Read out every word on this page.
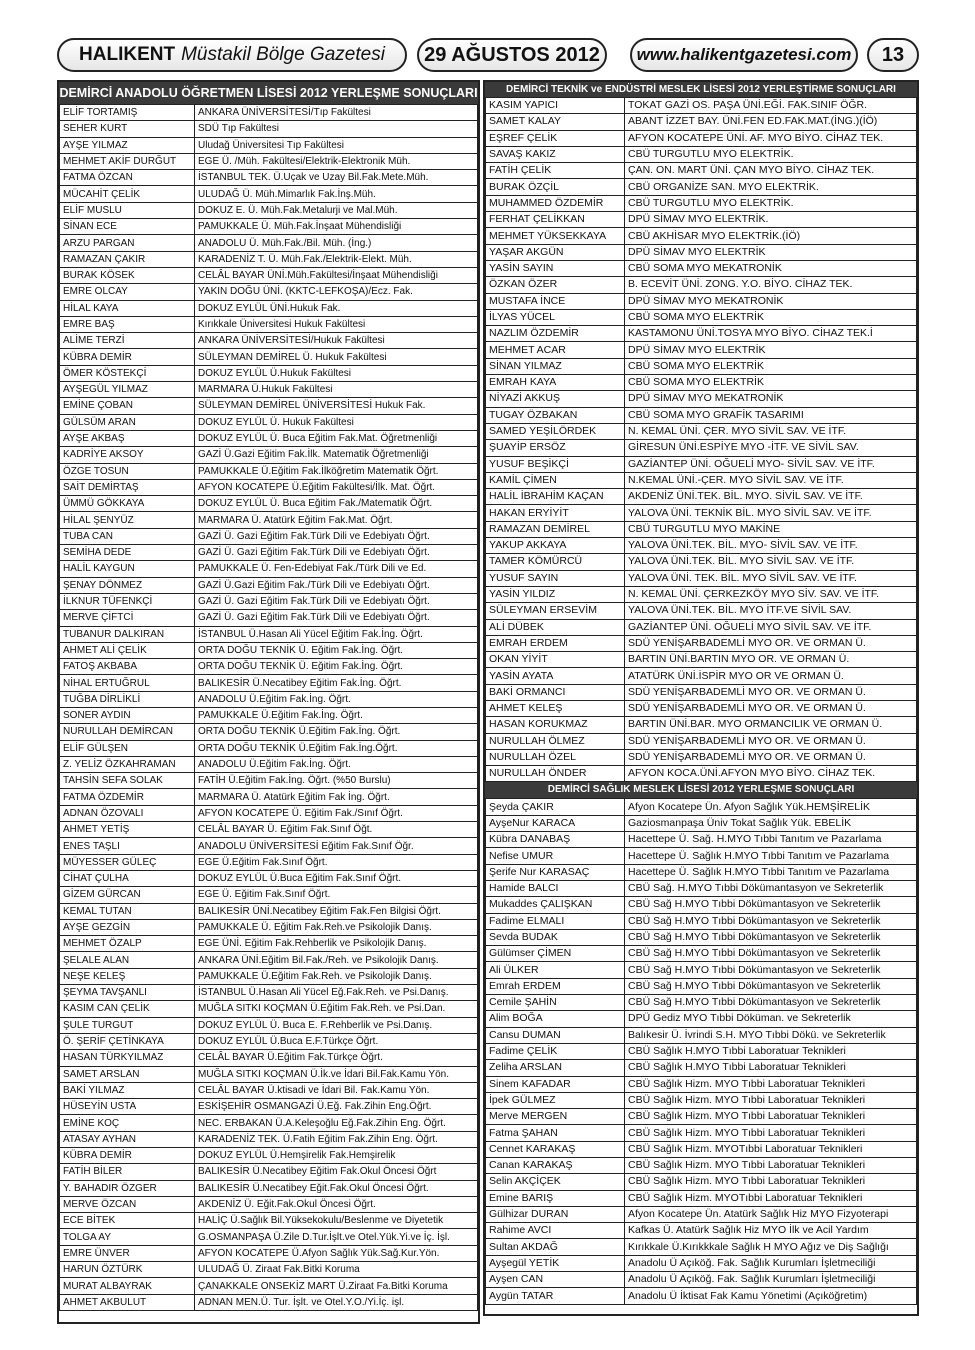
HALIKENT Müstakil Bölge Gazetesi	29 AĞUSTOS 2012	www.halikentgazetesi.com	13
DEMİRCİ ANADOLU ÖĞRETMEN LİSESİ 2012 YERLEŞME SONUÇLARI
ELİF TORTAMIŞ	ANKARA ÜNİVERSİTESİ/Tıp Fakültesi
SEHER KURT	SDÜ Tıp Fakültesi
AYŞE YILMAZ	Uludağ Üniversitesi Tıp Fakültesi
MEHMET AKİF DURĞUT	EGE Ü. /Müh. Fakültesi/Elektrik-Elektronik Müh.
FATMA ÖZCAN	İSTANBUL TEK. Ü.Uçak ve Uzay Bil.Fak.Mete.Müh.
MÜCAHİT ÇELİK	ULUDAĞ Ü. Müh.Mimarlık Fak.İnş.Müh.
ELİF MUSLU	DOKUZ E. Ü. Müh.Fak.Metalurji ve Mal.Müh.
SİNAN ECE	PAMUKKALE Ü. Müh.Fak.İnşaat Mühendisliği
ARZU PARGAN	ANADOLU Ü. Müh.Fak./Bil. Müh. (İng.)
RAMAZAN ÇAKIR	KARADENİZ T. Ü. Müh.Fak./Elektrik-Elekt. Müh.
BURAK KÖSEK	CELÂL BAYAR ÜNİ.Müh.Fakültesi/İnşaat Mühendisliği
EMRE OLCAY	YAKIN DOĞU ÜNİ. (KKTC-LEFKOŞA)/Ecz. Fak.
HİLAL KAYA	DOKUZ EYLÜL ÜNİ.Hukuk Fak.
EMRE BAŞ	Kırıkkale Üniversitesi Hukuk Fakültesi
ALİME TERZİ	ANKARA ÜNİVERSİTESİ/Hukuk Fakültesi
KÜBRA DEMİR	SÜLEYMAN DEMİREL Ü. Hukuk Fakültesi
ÖMER KÖSTEKÇİ	DOKUZ EYLÜL Ü.Hukuk Fakültesi
AYŞEGÜL YILMAZ	MARMARA Ü.Hukuk Fakültesi
EMİNE ÇOBAN	SÜLEYMAN DEMİREL ÜNİVERSİTESİ Hukuk Fak.
GÜLSÜM ARAN	DOKUZ EYLÜL Ü. Hukuk Fakültesi
AYŞE AKBAŞ	DOKUZ EYLÜL Ü. Buca Eğitim Fak.Mat. Öğretmenliği
KADRİYE AKSOY	GAZİ Ü.Gazi Eğitim Fak.İlk. Matematik Öğretmenliği
ÖZGE TOSUN	PAMUKKALE Ü.Eğitim Fak.İlköğretim Matematik Öğrt.
SAİT DEMİRTAŞ	AFYON KOCATEPE Ü.Eğitim Fakültesi/İlk. Mat. Öğrt.
ÜMMÜ GÖKKAYA	DOKUZ EYLÜL Ü. Buca Eğitim Fak./Matematik Öğrt.
HİLAL ŞENYÜZ	MARMARA Ü. Atatürk Eğitim Fak.Mat. Öğrt.
TUBA CAN	GAZİ Ü. Gazi Eğitim Fak.Türk Dili ve Edebiyatı Öğrt.
SEMİHA DEDE	GAZİ Ü. Gazi Eğitim Fak.Türk Dili ve Edebiyatı Öğrt.
HALİL KAYGUN	PAMUKKALE Ü. Fen-Edebiyat Fak./Türk Dili ve Ed.
ŞENAY DÖNMEZ	GAZİ Ü.Gazi Eğitim Fak./Türk Dili ve Edebiyatı Öğrt.
İLKNUR TÜFENKÇİ	GAZİ Ü. Gazi Eğitim Fak.Türk Dili ve Edebiyatı Öğrt.
MERVE ÇİFTCİ	GAZİ Ü. Gazi Eğitim Fak.Türk Dili ve Edebiyatı Öğrt.
TUBANUR DALKIRAN	İSTANBUL Ü.Hasan Ali Yücel Eğitim Fak.İng. Öğrt.
AHMET ALİ ÇELİK	ORTA DOĞU TEKNİK Ü. Eğitim Fak.İng. Öğrt.
FATOŞ AKBABA	ORTA DOĞU TEKNİK Ü. Eğitim Fak.İng. Öğrt.
NİHAL ERTUĞRUL	BALIKESİR Ü.Necatibey Eğitim Fak.İng. Öğrt.
TUĞBA DİRLİKLİ	ANADOLU Ü.Eğitim Fak.İng. Öğrt.
SONER AYDIN	PAMUKKALE Ü.Eğitim Fak.İng. Öğrt.
NURULLAH DEMİRCAN	ORTA DOĞU TEKNİK Ü.Eğitim Fak.İng. Öğrt.
ELİF GÜLŞEN	ORTA DOĞU TEKNİK Ü.Eğitim Fak.İng.Öğrt.
Z. YELİZ ÖZKAHRAMAN	ANADOLU Ü.Eğitim Fak.İng. Öğrt.
TAHSİN SEFA SOLAK	FATİH Ü.Eğitim Fak.İng. Öğrt. (%50 Burslu)
FATMA ÖZDEMİR	MARMARA Ü. Atatürk Eğitim Fak İng. Öğrt.
ADNAN ÖZOVALI	AFYON KOCATEPE Ü. Eğitim Fak./Sınıf Öğrt.
AHMET YETİŞ	CELÂL BAYAR Ü. Eğitim Fak.Sınıf Öğt.
ENES TAŞLI	ANADOLU ÜNİVERSİTESİ Eğitim Fak.Sınıf Öğr.
MÜYESSER GÜLEÇ	EGE Ü.Eğitim Fak.Sınıf Öğrt.
CİHAT ÇULHA	DOKUZ EYLÜL Ü.Buca Eğitim Fak.Sınıf Öğrt.
GİZEM GÜRCAN	EGE Ü. Eğitim Fak.Sınıf Öğrt.
KEMAL TUTAN	BALIKESİR ÜNİ.Necatibey Eğitim Fak.Fen Bilgisi Öğrt.
AYŞE GEZGİN	PAMUKKALE Ü. Eğitim Fak.Reh.ve Psikolojik Danış.
MEHMET ÖZALP	EGE ÜNİ. Eğitim Fak.Rehberlik ve Psikolojik Danış.
ŞELALE ALAN	ANKARA ÜNİ.Eğitim Bil.Fak./Reh. ve Psikolojik Danış.
NEŞE KELEŞ	PAMUKKALE Ü.Eğitim Fak.Reh. ve Psikolojik Danış.
ŞEYMA TAVŞANLI	İSTANBUL Ü.Hasan Ali Yücel Eğ.Fak.Reh. ve Psi.Danış.
KASIM CAN ÇELİK	MUĞLA SITKI KOÇMAN Ü.Eğitim Fak.Reh. ve Psi.Dan.
ŞULE TURGUT	DOKUZ EYLÜL Ü. Buca E. F.Rehberlik ve Psi.Danış.
Ö. ŞERİF ÇETİNKAYA	DOKUZ EYLÜL Ü.Buca E.F.Türkçe Öğrt.
HASAN TÜRKYILMAZ	CELÂL BAYAR Ü.Eğitim Fak.Türkçe Öğrt.
SAMET ARSLAN	MUĞLA SITKI KOÇMAN Ü.İk.ve İdari Bil.Fak.Kamu Yön.
BAKİ YILMAZ	CELÂL BAYAR Ü.ktisadi ve İdari Bil. Fak.Kamu Yön.
HÜSEYİN USTA	ESKİŞEHİR OSMANGAZİ Ü.Eğ. Fak.Zihin Eng.Öğrt.
EMİNE KOÇ	NEC. ERBAKAN Ü.A.Keleşoğlu Eğ.Fak.Zihin Eng. Öğrt.
ATASAY AYHAN	KARADENİZ TEK. Ü.Fatih Eğitim Fak.Zihin Eng. Öğrt.
KÜBRA DEMİR	DOKUZ EYLÜL Ü.Hemşirelik Fak.Hemşirelik
FATİH BİLER	BALIKESİR Ü.Necatibey Eğitim Fak.Okul Öncesi Öğrt
Y. BAHADIR ÖZGER	BALIKESİR Ü.Necatibey Eğit.Fak.Okul Öncesi Öğrt.
MERVE ÖZCAN	AKDENİZ Ü. Eğit.Fak.Okul Öncesi Öğrt.
ECE BİTEK	HALİÇ Ü.Sağlık Bil.Yüksekokulu/Beslenme ve Diyetetik
TOLGA AY	G.OSMANPAŞA Ü.Zile D.Tur.İşlt.ve Otel.Yük.Yi.ve İç. İşl.
EMRE ÜNVER	AFYON KOCATEPE Ü.Afyon Sağlık Yük.Sağ.Kur.Yön.
HARUN ÖZTÜRK	ULUDAĞ Ü. Ziraat Fak.Bitki Koruma
MURAT ALBAYRAK	ÇANAKKALE ONSEKİZ MART Ü.Ziraat Fa.Bitki Koruma
AHMET AKBULUT	ADNAN MEN.Ü. Tur. İşlt. ve Otel.Y.O./Yi.İç. işl.
DEMİRCİ TEKNİK ve ENDÜSTRİ MESLEK LİSESİ 2012 YERLEŞTİRME SONUÇLARI
KASIM YAPICI	TOKAT GAZİ OS. PAŞA ÜNİ.EĞİ. FAK.SINIF ÖĞR.
SAMET KALAY	ABANT İZZET BAY. ÜNİ.FEN ED.FAK.MAT.(İNG.)(İÖ)
EŞREF ÇELİK	AFYON KOCATEPE ÜNİ. AF. MYO BİYO. CİHAZ TEK.
SAVAŞ KAKIZ	CBÜ TURGUTLU MYO ELEKTRİK.
FATİH ÇELİK	ÇAN. ON. MART ÜNİ. ÇAN MYO BİYO. CİHAZ TEK.
BURAK ÖZÇİL	CBÜ ORGANİZE SAN. MYO ELEKTRİK.
MUHAMMED ÖZDEMİR	CBÜ TURGUTLU MYO ELEKTRİK.
FERHAT ÇELİKKAN	DPÜ SİMAV MYO ELEKTRİK.
MEHMET YÜKSEKKAYA	CBÜ AKHİSAR MYO ELEKTRİK.(İÖ)
YAŞAR AKGÜN	DPÜ SİMAV MYO ELEKTRİK
YASİN SAYIN	CBÜ SOMA MYO MEKATRONİK
ÖZKAN ÖZER	B. ECEVİT ÜNİ. ZONG. Y.O. BİYO. CİHAZ TEK.
MUSTAFA İNCE	DPÜ SİMAV MYO MEKATRONİK
İLYAS YÜCEL	CBÜ SOMA MYO ELEKTRİK
NAZLIM ÖZDEMİR	KASTAMONU ÜNİ.TOSYA MYO BİYO. CİHAZ TEK.İ
MEHMET ACAR	DPÜ SİMAV MYO ELEKTRİK
SİNAN YILMAZ	CBÜ SOMA MYO ELEKTRİK
EMRAH KAYA	CBÜ SOMA MYO ELEKTRİK
NİYAZİ AKKUŞ	DPÜ SİMAV MYO MEKATRONİK
TUGAY ÖZBAKAN	CBÜ SOMA MYO GRAFİK TASARIMI
SAMED YEŞİLÖRDEK	N. KEMAL ÜNİ. ÇER. MYO SİVİL SAV. VE İTF.
ŞUAYİP ERSÖZ	GİRESUN ÜNİ.ESPİYE MYO -İTF. VE SİVİL SAV.
YUSUF BEŞİKÇİ	GAZİANTEP ÜNİ. OĞUELİ MYO- SİVİL SAV. VE İTF.
KAMİL ÇİMEN	N.KEMAL ÜNİ.-ÇER. MYO SİVİL SAV. VE İTF.
HALİL İBRAHİM KAÇAN	AKDENİZ ÜNİ.TEK. BİL. MYO. SİVİL SAV. VE İTF.
HAKAN ERYİYİT	YALOVA ÜNİ. TEKNİK BİL. MYO SİVİL SAV. VE İTF.
RAMAZAN DEMİREL	CBÜ TURGUTLU MYO MAKİNE
YAKUP AKKAYA	YALOVA ÜNİ.TEK. BİL. MYO- SİVİL SAV. VE İTF.
TAMER KÖMÜRCÜ	YALOVA ÜNİ.TEK. BİL. MYO SİVİL SAV. VE İTF.
YUSUF SAYIN	YALOVA ÜNİ. TEK. BİL. MYO SİVİL SAV. VE İTF.
YASİN YILDIZ	N. KEMAL ÜNİ. ÇERKEZKÖY MYO SİV. SAV. VE İTF.
SÜLEYMAN ERSEVİM	YALOVA ÜNİ.TEK. BİL. MYO İTF.VE SİVİL SAV.
ALİ DÜBEK	GAZİANTEP ÜNİ. OĞUELİ MYO SİVİL SAV. VE İTF.
EMRAH ERDEM	SDÜ YENİŞARBADEMLİ MYO OR. VE ORMAN Ü.
OKAN YİYİT	BARTIN ÜNİ.BARTIN MYO OR. VE ORMAN Ü.
YASİN AYATA	ATATÜRK ÜNİ.İSPİR MYO OR VE ORMAN Ü.
BAKİ ORMANCI	SDÜ YENİŞARBADEMLİ MYO OR. VE ORMAN Ü.
AHMET KELEŞ	SDÜ YENİŞARBADEMLİ MYO OR. VE ORMAN Ü.
HASAN KORUKMAZ	BARTIN ÜNİ.BAR. MYO ORMANCILIK VE ORMAN Ü.
NURULLAH ÖLMEZ	SDÜ YENİŞARBADEMLİ MYO OR. VE ORMAN Ü.
NURULLAH ÖZEL	SDÜ YENİŞARBADEMLİ MYO OR. VE ORMAN Ü.
NURULLAH ÖNDER	AFYON KOCA.ÜNİ.AFYON MYO BİYO. CİHAZ TEK.
DEMİRCİ SAĞLIK MESLEK LİSESİ 2012 YERLEŞME SONUÇLARI
Şeyda ÇAKIR	Afyon Kocatepe Ün. Afyon Sağlık Yük.HEMŞİRELİK
AyşeNur KARACA	Gaziosmanpaşa Üniv Tokat Sağlık Yük. EBELİK
Kübra DANABAŞ	Hacettepe Ü. Sağ. H.MYO Tıbbi Tanıtım ve Pazarlama
Nefise UMUR	Hacettepe Ü. Sağlık H.MYO Tıbbi Tanıtım ve Pazarlama
Şerife Nur KARASAÇ	Hacettepe Ü. Sağlık H.MYO Tıbbi Tanıtım ve Pazarlama
Hamide BALCI	CBÜ Sağ. H.MYO Tıbbi Dökümantasyon ve Sekreterlik
Mukaddes ÇALIŞKAN	CBÜ Sağ H.MYO Tıbbi Dökümantasyon ve Sekreterlik
Fadime ELMALI	CBÜ Sağ H.MYO Tıbbi Dökümantasyon ve Sekreterlik
Sevda BUDAK	CBÜ Sağ H.MYO Tıbbi Dökümantasyon ve Sekreterlik
Gülümser ÇİMEN	CBÜ Sağ H.MYO Tıbbi Dökümantasyon ve Sekreterlik
Ali ÜLKER	CBÜ Sağ H.MYO Tıbbi Dökümantasyon ve Sekreterlik
Emrah ERDEM	CBÜ Sağ H.MYO Tıbbi Dökümantasyon ve Sekreterlik
Cemile ŞAHİN	CBÜ Sağ H.MYO Tıbbi Dökümantasyon ve Sekreterlik
Alim BOĞA	DPÜ Gediz MYO Tıbbi Döküman. ve Sekreterlik
Cansu DUMAN	Balıkesir Ü. İvrindi S.H. MYO Tıbbi Dökü. ve Sekreterlik
Fadime ÇELİK	CBÜ Sağlık H.MYO Tıbbi Laboratuar Teknikleri
Zeliha ARSLAN	CBÜ Sağlık H.MYO Tıbbi Laboratuar Teknikleri
Sinem KAFADAR	CBÜ Sağlık Hizm. MYO Tıbbi Laboratuar Teknikleri
İpek GÜLMEZ	CBÜ Sağlık Hizm. MYO Tıbbi Laboratuar Teknikleri
Merve MERGEN	CBÜ Sağlık Hizm. MYO Tıbbi Laboratuar Teknikleri
Fatma ŞAHAN	CBÜ Sağlık Hizm. MYO Tıbbi Laboratuar Teknikleri
Cennet KARAKAŞ	CBÜ Sağlık Hizm. MYOTıbbi Laboratuar Teknikleri
Canan KARAKAŞ	CBÜ Sağlık Hizm. MYO Tıbbi Laboratuar Teknikleri
Selin AKÇİÇEK	CBÜ Sağlık Hizm. MYO Tıbbi Laboratuar Teknikleri
Emine BARIŞ	CBÜ Sağlık Hizm. MYOTıbbi Laboratuar Teknikleri
Gülhizar DURAN	Afyon Kocatepe Ün. Atatürk Sağlık Hiz MYO Fizyoterapi
Rahime AVCI	Kafkas Ü. Atatürk Sağlık Hiz MYO İlk ve Acil Yardım
Sultan AKDAĞ	Kırıkkale Ü.Kırıkkkale Sağlık H MYO Ağız ve Diş Sağlığı
Ayşegül YETİK	Anadolu Ü Açıköğ. Fak. Sağlık Kurumları İşletmeciliği
Ayşen CAN	Anadolu Ü Açıköğ. Fak. Sağlık Kurumları İşletmeciliği
Aygün TATAR	Anadolu Ü İktisat Fak Kamu Yönetimi (Açıköğretim)
